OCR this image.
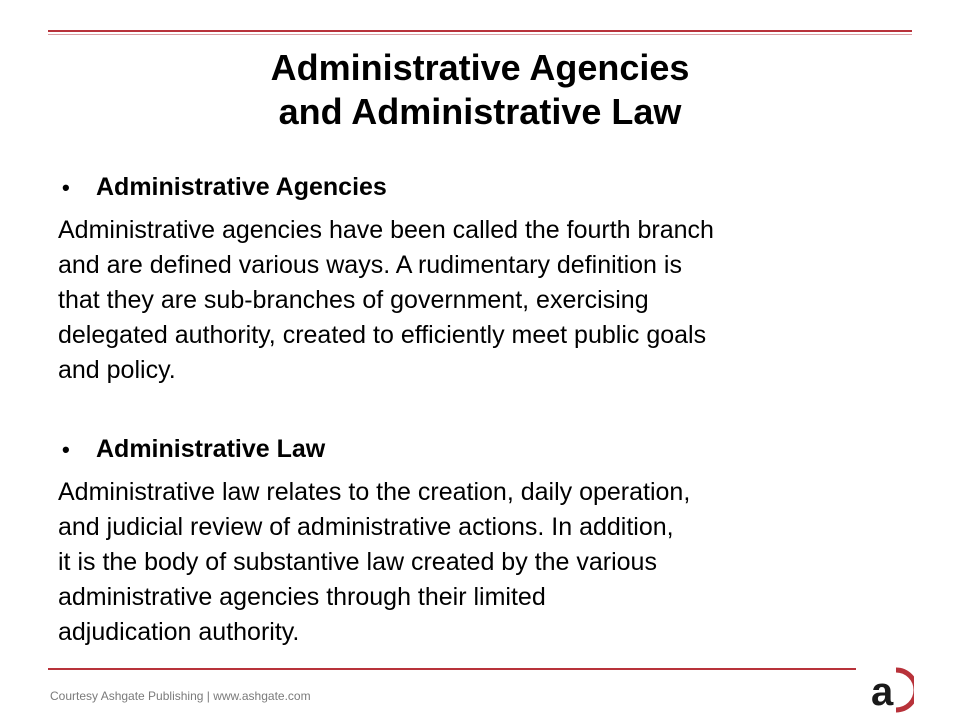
Administrative Agencies
and Administrative Law
•	Administrative Agencies
Administrative agencies have been called the fourth branch
and are defined various ways. A rudimentary definition is
that they are sub-branches of government, exercising
delegated authority, created to efficiently meet public goals
and policy.
•	Administrative Law
Administrative law relates to the creation, daily operation,
and judicial review of administrative actions. In addition,
it is the body of substantive law created by the various
administrative agencies through their limited
adjudication authority.
Courtesy Ashgate Publishing | www.ashgate.com	a
